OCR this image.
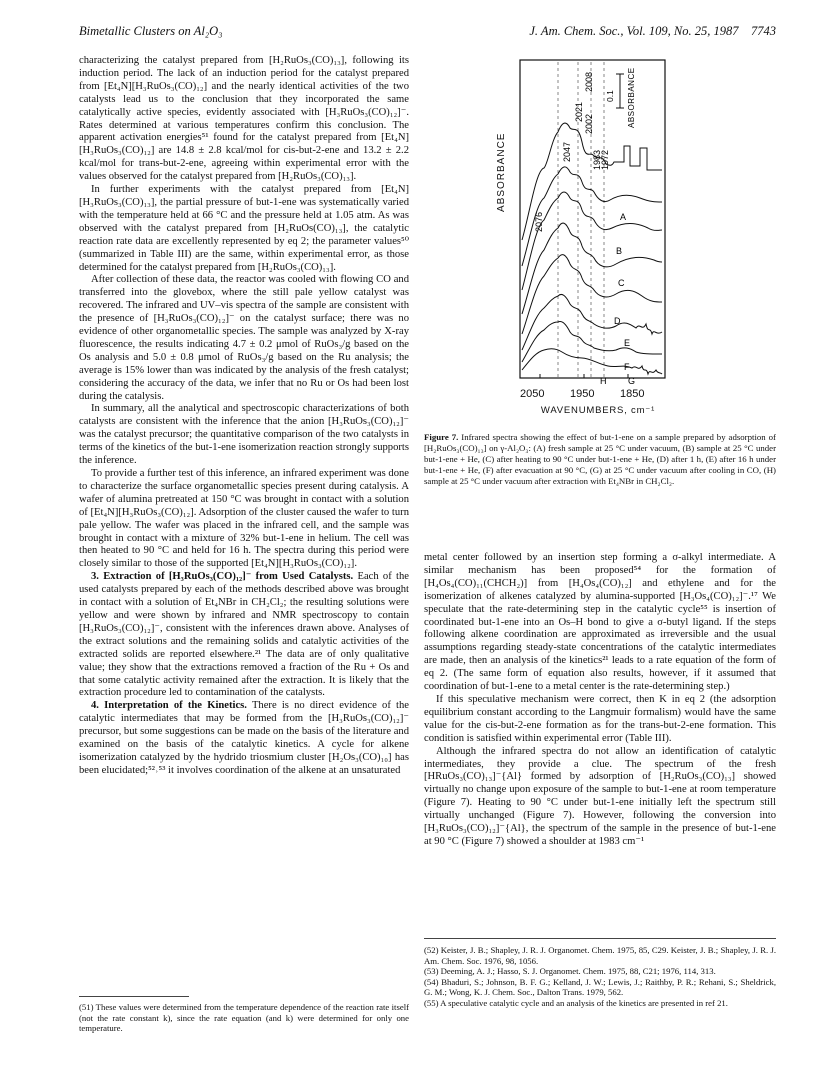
Bimetallic Clusters on Al₂O₃	J. Am. Chem. Soc., Vol. 109, No. 25, 1987 7743

characterizing the catalyst prepared from [H₂RuOs₃(CO)₁₃], following its induction period. The lack of an induction period for the catalyst prepared from [Et₄N][H₃RuOs₃(CO)₁₂] and the nearly identical activities of the two catalysts lead us to the conclusion that they incorporated the same catalytically active species, evidently associated with [H₃RuOs₃(CO)₁₂]⁻. Rates determined at various temperatures confirm this conclusion. The apparent activation energies⁵¹ found for the catalyst prepared from [Et₄N][H₃RuOs₃(CO)₁₂] are 14.8 ± 2.8 kcal/mol for cis-but-2-ene and 13.2 ± 2.2 kcal/mol for trans-but-2-ene, agreeing within experimental error with the values observed for the catalyst prepared from [H₂RuOs₃(CO)₁₃].

In further experiments with the catalyst prepared from [Et₄N][H₃RuOs₃(CO)₁₃], the partial pressure of but-1-ene was systematically varied with the temperature held at 66 °C and the pressure held at 1.05 atm. As was observed with the catalyst prepared from [H₂RuOs(CO)₁₃], the catalytic reaction rate data are excellently represented by eq 2; the parameter values⁵⁰ (summarized in Table III) are the same, within experimental error, as those determined for the catalyst prepared from [H₂RuOs₃(CO)₁₃].

After collection of these data, the reactor was cooled with flowing CO and transferred into the glovebox, where the still pale yellow catalyst was recovered. The infrared and UV–vis spectra of the sample are consistent with the presence of [H₃RuOs₃(CO)₁₂]⁻ on the catalyst surface; there was no evidence of other organometallic species. The sample was analyzed by X-ray fluorescence, the results indicating 4.7 ± 0.2 μmol of RuOs₃/g based on the Os analysis and 5.0 ± 0.8 μmol of RuOs₃/g based on the Ru analysis; the average is 15% lower than was indicated by the analysis of the fresh catalyst; considering the accuracy of the data, we infer that no Ru or Os had been lost during the catalysis.

In summary, all the analytical and spectroscopic characterizations of both catalysts are consistent with the inference that the anion [H₃RuOs₃(CO)₁₂]⁻ was the catalyst precursor; the quantitative comparison of the two catalysts in terms of the kinetics of the but-1-ene isomerization reaction strongly supports the inference.

To provide a further test of this inference, an infrared experiment was done to characterize the surface organometallic species present during catalysis. A wafer of alumina pretreated at 150 °C was brought in contact with a solution of [Et₄N][H₃RuOs₃(CO)₁₂]. Adsorption of the cluster caused the wafer to turn pale yellow. The wafer was placed in the infrared cell, and the sample was brought in contact with a mixture of 32% but-1-ene in helium. The cell was then heated to 90 °C and held for 16 h. The spectra during this period were closely similar to those of the supported [Et₄N][H₃RuOs₃(CO)₁₂].

3. Extraction of [H₃RuOs₃(CO)₁₂]⁻ from Used Catalysts. Each of the used catalysts prepared by each of the methods described above was brought in contact with a solution of Et₄NBr in CH₂Cl₂; the resulting solutions were yellow and were shown by infrared and NMR spectroscopy to contain [H₃RuOs₃(CO)₁₂]⁻, consistent with the inferences drawn above. Analyses of the extract solutions and the remaining solids and catalytic activities of the extracted solids are reported elsewhere.²¹ The data are of only qualitative value; they show that the extractions removed a fraction of the Ru + Os and that some catalytic activity remained after the extraction. It is likely that the extraction procedure led to contamination of the catalysts.

4. Interpretation of the Kinetics. There is no direct evidence of the catalytic intermediates that may be formed from the [H₃RuOs₃(CO)₁₂]⁻ precursor, but some suggestions can be made on the basis of the literature and examined on the basis of the catalytic kinetics. A cycle for alkene isomerization catalyzed by the hydrido triosmium cluster [H₂Os₃(CO)₁₀] has been elucidated;⁵²˒⁵³ it involves coordination of the alkene at an unsaturated

(51) These values were determined from the temperature dependence of the reaction rate itself (not the rate constant k), since the rate equation (and k) were determined for only one temperature.
2076
2047
2021
2008
2002
1983
1972
0.1 ABSORBANCE
A
B
C
D
E
F
G
H
ABSORBANCE
2050 1950 1850
WAVENUMBERS, cm⁻¹
Figure 7. Infrared spectra showing the effect of but-1-ene on a sample prepared by adsorption of [H₂RuOs₃(CO)₁₃] on γ-Al₂O₃: (A) fresh sample at 25 °C under vacuum, (B) sample at 25 °C under but-1-ene + He, (C) after heating to 90 °C under but-1-ene + He, (D) after 1 h, (E) after 16 h under but-1-ene + He, (F) after evacuation at 90 °C, (G) at 25 °C under vacuum after cooling in CO, (H) sample at 25 °C under vacuum after extraction with Et₄NBr in CH₂Cl₂.

metal center followed by an insertion step forming a σ-alkyl intermediate. A similar mechanism has been proposed⁵⁴ for the formation of [H₄Os₄(CO)₁₁(CHCH₂)] from [H₄Os₄(CO)₁₂] and ethylene and for the isomerization of alkenes catalyzed by alumina-supported [H₃Os₄(CO)₁₂]⁻.¹⁷ We speculate that the rate-determining step in the catalytic cycle⁵⁵ is insertion of coordinated but-1-ene into an Os–H bond to give a σ-butyl ligand. If the steps following alkene coordination are approximated as irreversible and the usual assumptions regarding steady-state concentrations of the catalytic intermediates are made, then an analysis of the kinetics²¹ leads to a rate equation of the form of eq 2. (The same form of equation also results, however, if it assumed that coordination of but-1-ene to a metal center is the rate-determining step.)

If this speculative mechanism were correct, then K in eq 2 (the adsorption equilibrium constant according to the Langmuir formalism) would have the same value for the cis-but-2-ene formation as for the trans-but-2-ene formation. This condition is satisfied within experimental error (Table III).

Although the infrared spectra do not allow an identification of catalytic intermediates, they provide a clue. The spectrum of the fresh [HRuOs₃(CO)₁₃]⁻{Al} formed by adsorption of [H₂RuOs₃(CO)₁₃] showed virtually no change upon exposure of the sample to but-1-ene at room temperature (Figure 7). Heating to 90 °C under but-1-ene initially left the spectrum still virtually unchanged (Figure 7). However, following the conversion into [H₃RuOs₃(CO)₁₂]⁻{Al}, the spectrum of the sample in the presence of but-1-ene at 90 °C (Figure 7) showed a shoulder at 1983 cm⁻¹

(52) Keister, J. B.; Shapley, J. R. J. Organomet. Chem. 1975, 85, C29. Keister, J. B.; Shapley, J. R. J. Am. Chem. Soc. 1976, 98, 1056.
(53) Deeming, A. J.; Hasso, S. J. Organomet. Chem. 1975, 88, C21; 1976, 114, 313.
(54) Bhaduri, S.; Johnson, B. F. G.; Kelland, J. W.; Lewis, J.; Raithby, P. R.; Rehani, S.; Sheldrick, G. M.; Wong, K. J. Chem. Soc., Dalton Trans. 1979, 562.
(55) A speculative catalytic cycle and an analysis of the kinetics are presented in ref 21.
